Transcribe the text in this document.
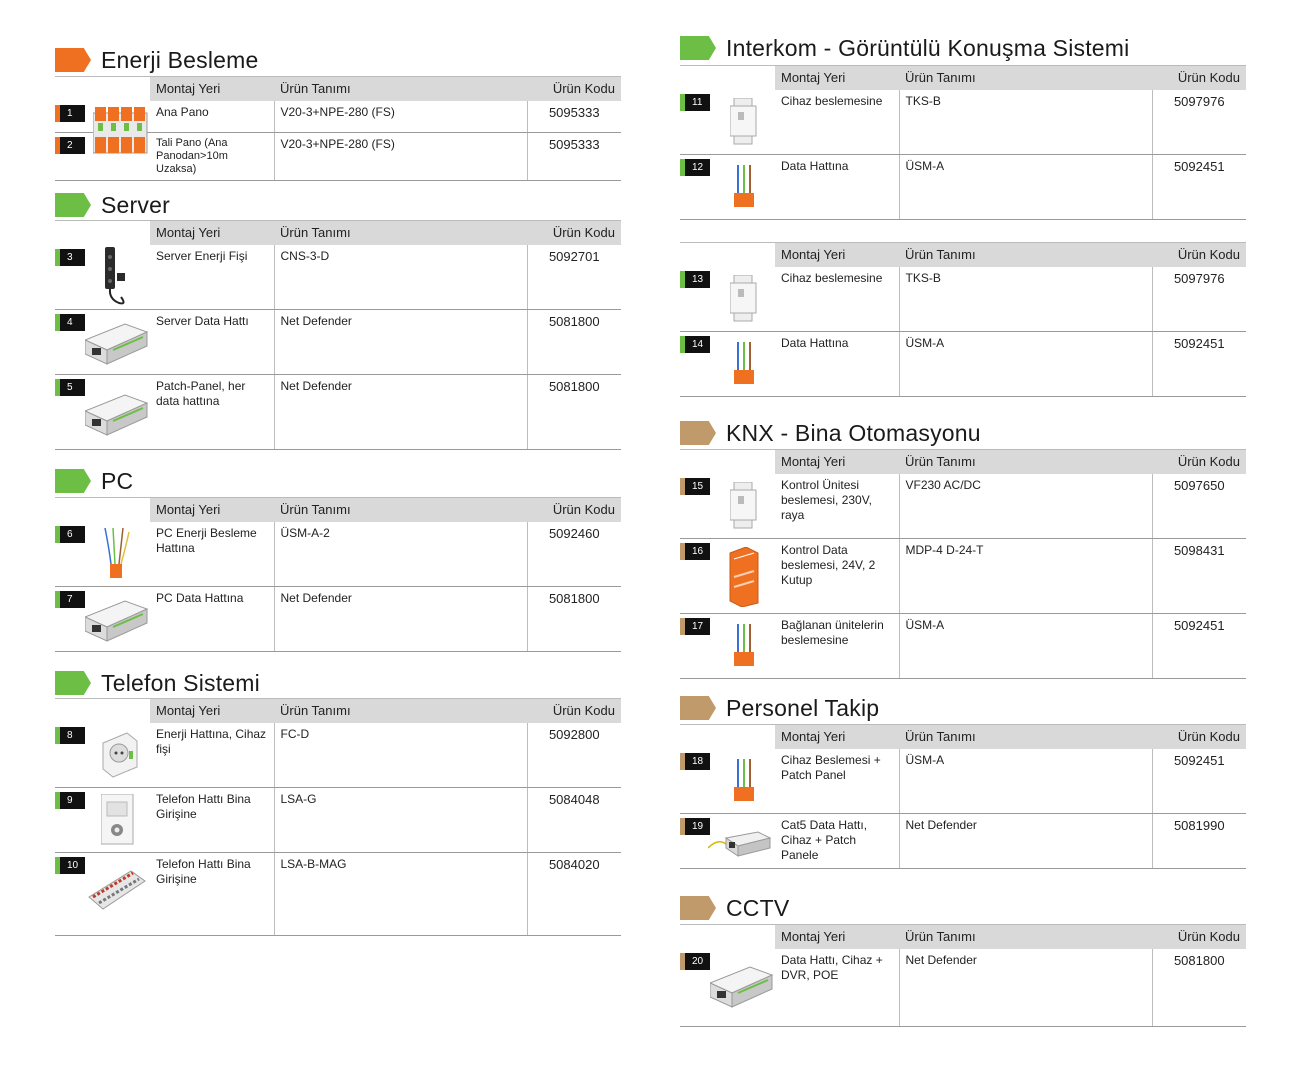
Enerji Besleme
	Montaj Yeri	Ürün Tanımı	Ürün Kodu

1	Ana Pano	V20-3+NPE-280 (FS)	5095333

2	Tali Pano (Ana Panodan>10m Uzaksa)	V20-3+NPE-280 (FS)	5095333
Server
	Montaj Yeri	Ürün Tanımı	Ürün Kodu

3	Server Enerji Fişi	CNS-3-D	5092701

4	Server Data Hattı	Net Defender	5081800

5	Patch-Panel, her data hattına	Net Defender	5081800
PC
	Montaj Yeri	Ürün Tanımı	Ürün Kodu

6	PC Enerji Besleme Hattına	ÜSM-A-2	5092460

7	PC Data Hattına	Net Defender	5081800
Telefon Sistemi
	Montaj Yeri	Ürün Tanımı	Ürün Kodu

8	Enerji Hattına, Cihaz fişi	FC-D	5092800

9	Telefon Hattı Bina Girişine	LSA-G	5084048

10	Telefon Hattı Bina Girişine	LSA-B-MAG	5084020
Interkom - Görüntülü Konuşma Sistemi
	Montaj Yeri	Ürün Tanımı	Ürün Kodu

11	Cihaz beslemesine	TKS-B	5097976

12	Data Hattına	ÜSM-A	5092451
	Montaj Yeri	Ürün Tanımı	Ürün Kodu

13	Cihaz beslemesine	TKS-B	5097976

14	Data Hattına	ÜSM-A	5092451
KNX - Bina Otomasyonu
	Montaj Yeri	Ürün Tanımı	Ürün Kodu

15	Kontrol Ünitesi beslemesi, 230V, raya	VF230 AC/DC	5097650

16	Kontrol Data beslemesi, 24V, 2 Kutup	MDP-4 D-24-T	5098431

17	Bağlanan ünitelerin beslemesine	ÜSM-A	5092451
Personel Takip
	Montaj Yeri	Ürün Tanımı	Ürün Kodu

18	Cihaz Beslemesi + Patch Panel	ÜSM-A	5092451

19	Cat5 Data Hattı, Cihaz + Patch Panele	Net Defender	5081990
CCTV
	Montaj Yeri	Ürün Tanımı	Ürün Kodu

20	Data Hattı, Cihaz + DVR, POE	Net Defender	5081800
